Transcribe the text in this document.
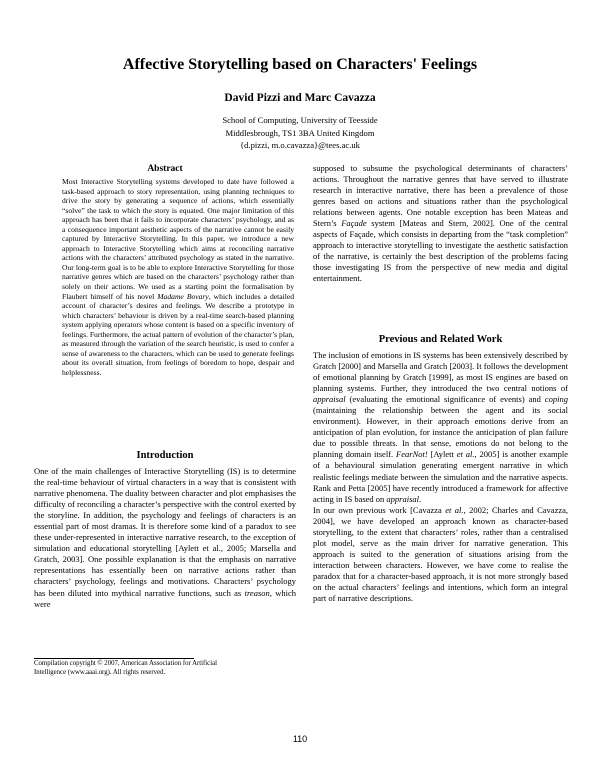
Affective Storytelling based on Characters' Feelings
David Pizzi and Marc Cavazza
School of Computing, University of Teesside
Middlesbrough, TS1 3BA United Kingdom
{d.pizzi, m.o.cavazza}@tees.ac.uk
Abstract

Most Interactive Storytelling systems developed to date have followed a task-based approach to story representation, using planning techniques to drive the story by generating a sequence of actions, which essentially “solve” the task to which the story is equated. One major limitation of this approach has been that it fails to incorporate characters’ psychology, and as a consequence important aesthetic aspects of the narrative cannot be easily captured by Interactive Storytelling. In this paper, we introduce a new approach to Interactive Storytelling which aims at reconciling narrative actions with the characters’ attributed psychology as stated in the narrative. Our long-term goal is to be able to explore Interactive Storytelling for those narrative genres which are based on the characters’ psychology rather than solely on their actions. We used as a starting point the formalisation by Flaubert himself of his novel Madame Bovary, which includes a detailed account of character’s desires and feelings. We describe a prototype in which characters’ behaviour is driven by a real-time search-based planning system applying operators whose content is based on a specific inventory of feelings. Furthermore, the actual pattern of evolution of the character’s plan, as measured through the variation of the search heuristic, is used to confer a sense of awareness to the characters, which can be used to generate feelings about its overall situation, from feelings of boredom to hope, despair and helplessness.

Introduction

One of the main challenges of Interactive Storytelling (IS) is to determine the real-time behaviour of virtual characters in a way that is consistent with narrative phenomena. The duality between character and plot emphasises the difficulty of reconciling a character’s perspective with the control exerted by the storyline. In addition, the psychology and feelings of characters is an essential part of most dramas. It is therefore some kind of a paradox to see these under-represented in interactive narrative research, to the exception of simulation and educational storytelling [Aylett et al., 2005; Marsella and Gratch, 2003]. One possible explanation is that the emphasis on narrative representations has essentially been on narrative actions rather than characters’ psychology, feelings and motivations. Characters’ psychology has been diluted into mythical narrative functions, such as treason, which were

Compilation copyright © 2007, American Association for Artificial
Intelligence (www.aaai.org). All rights reserved.

supposed to subsume the psychological determinants of characters’ actions. Throughout the narrative genres that have served to illustrate research in interactive narrative, there has been a prevalence of those genres based on actions and situations rather than the psychological relations between agents. One notable exception has been Mateas and Stern’s Façade system [Mateas and Stern, 2002]. One of the central aspects of Façade, which consists in departing from the “task completion” approach to interactive storytelling to investigate the aesthetic satisfaction of the narrative, is certainly the best description of the problems facing those investigating IS from the perspective of new media and digital entertainment.

Previous and Related Work

The inclusion of emotions in IS systems has been extensively described by Gratch [2000] and Marsella and Gratch [2003]. It follows the development of emotional planning by Gratch [1999], as most IS engines are based on planning systems. Further, they introduced the two central notions of appraisal (evaluating the emotional significance of events) and coping (maintaining the relationship between the agent and its social environment). However, in their approach emotions derive from an anticipation of plan evolution, for instance the anticipation of plan failure due to possible threats. In that sense, emotions do not belong to the planning domain itself. FearNot! [Aylett et al., 2005] is another example of a behavioural simulation generating emergent narrative in which realistic feelings mediate between the simulation and the narrative aspects. Rank and Petta [2005] have recently introduced a framework for affective acting in IS based on appraisal.

In our own previous work [Cavazza et al., 2002; Charles and Cavazza, 2004], we have developed an approach known as character-based storytelling, to the extent that characters’ roles, rather than a centralised plot model, serve as the main driver for narrative generation. This approach is suited to the generation of situations arising from the interaction between characters. However, we have come to realise the paradox that for a character-based approach, it is not more strongly based on the actual characters’ feelings and intentions, which form an integral part of narrative descriptions.

110
